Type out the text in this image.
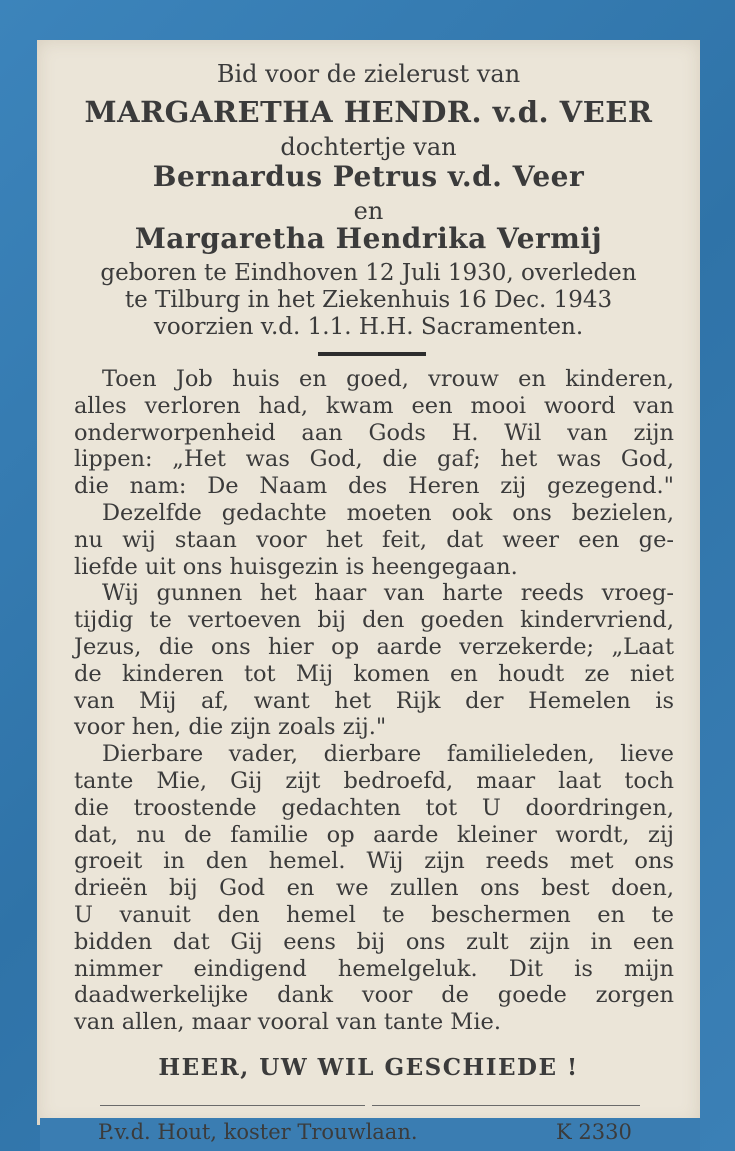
Bid voor de zielerust van
MARGARETHA HENDR. v.d. VEER
dochtertje van
Bernardus Petrus v.d. Veer
en
Margaretha Hendrika Vermij
geboren te Eindhoven 12 Juli 1930, overleden
te Tilburg in het Ziekenhuis 16 Dec. 1943
voorzien v.d. 1.1. H.H. Sacramenten.
Toen Job huis en goed, vrouw en kinderen,
alles verloren had, kwam een mooi woord van
onderworpenheid aan Gods H. Wil van zijn
lippen: „Het was God, die gaf; het was God,
die nam: De Naam des Heren zij gezegend."
Dezelfde gedachte moeten ook ons bezielen,
nu wij staan voor het feit, dat weer een ge-
liefde uit ons huisgezin is heengegaan.
Wij gunnen het haar van harte reeds vroeg-
tijdig te vertoeven bij den goeden kindervriend,
Jezus, die ons hier op aarde verzekerde; „Laat
de kinderen tot Mij komen en houdt ze niet
van Mij af, want het Rijk der Hemelen is
voor hen, die zijn zoals zij."
Dierbare vader, dierbare familieleden, lieve
tante Mie, Gij zijt bedroefd, maar laat toch
die troostende gedachten tot U doordringen,
dat, nu de familie op aarde kleiner wordt, zij
groeit in den hemel. Wij zijn reeds met ons
drieën bij God en we zullen ons best doen,
U vanuit den hemel te beschermen en te
bidden dat Gij eens bij ons zult zijn in een
nimmer eindigend hemelgeluk. Dit is mijn
daadwerkelijke dank voor de goede zorgen
van allen, maar vooral van tante Mie.
HEER, UW WIL GESCHIEDE !
P.v.d. Hout, koster Trouwlaan.	K 2330
